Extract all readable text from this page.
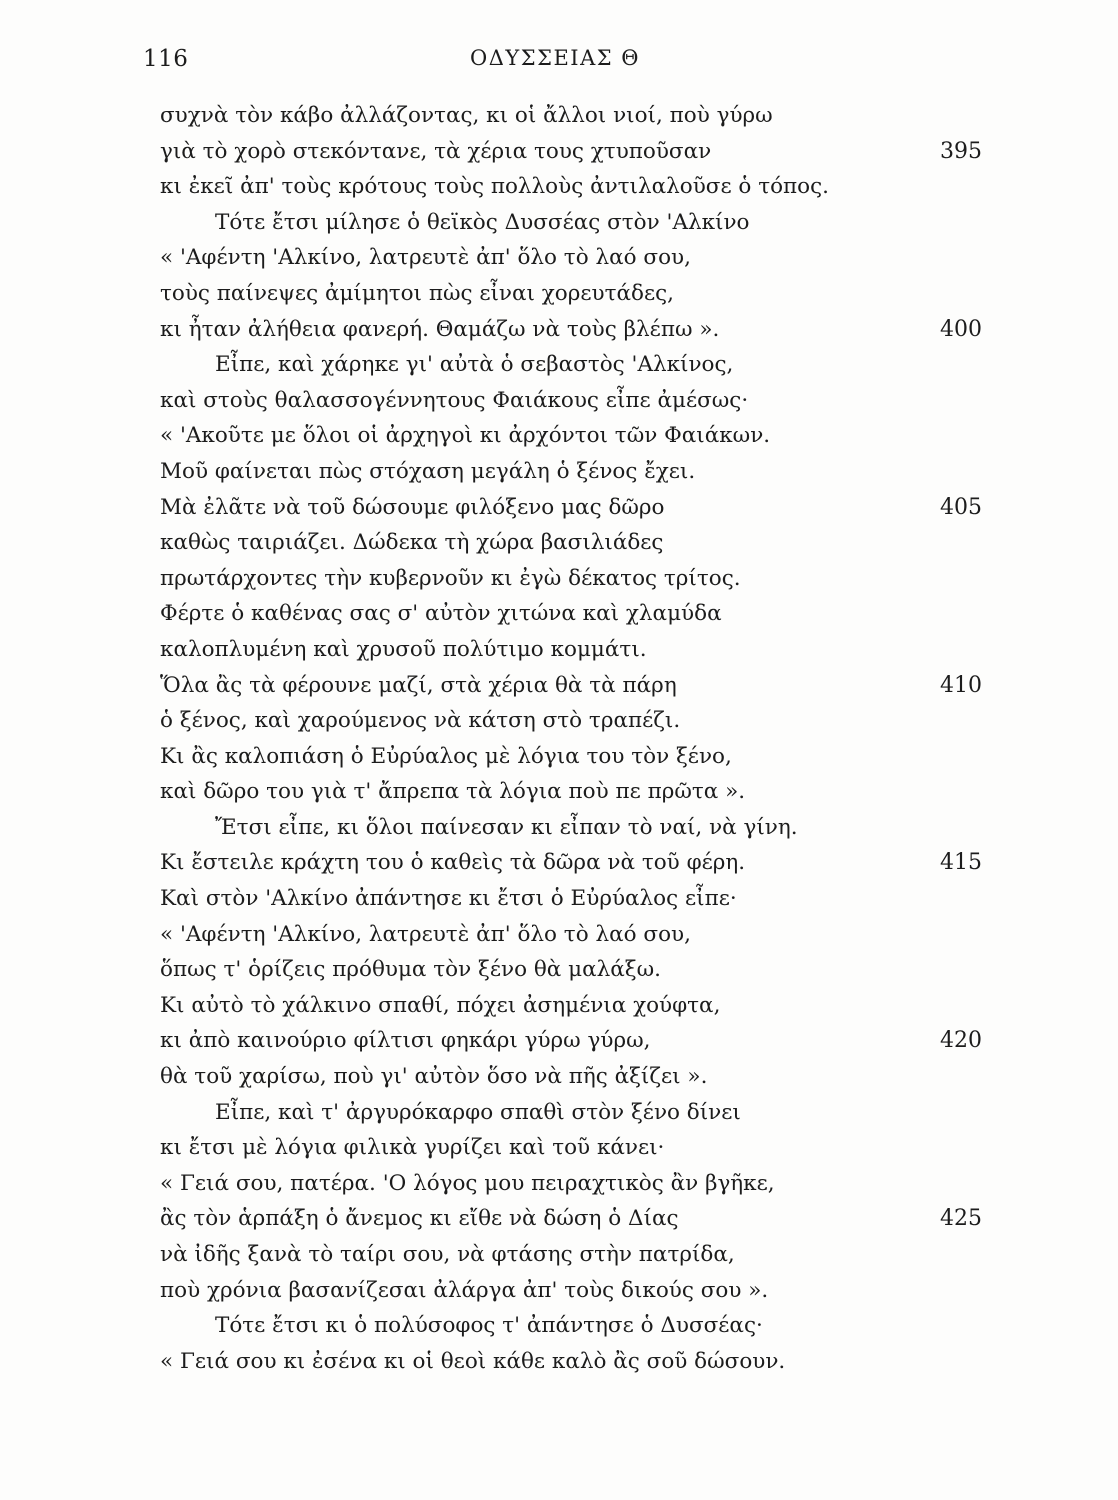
116	ΟΔΥΣΣΕΙΑΣ Θ
συχνὰ τὸν κάβο ἀλλάζοντας, κι οἱ ἄλλοι νιοί, ποὺ γύρω
γιὰ τὸ χορὸ στεκόντανε, τὰ χέρια τους χτυποῦσαν	395
κι ἐκεῖ ἀπ' τοὺς κρότους τοὺς πολλοὺς ἀντιλαλοῦσε ὁ τόπος.
Τότε ἔτσι μίλησε ὁ θεϊκὸς Δυσσέας στὸν 'Αλκίνο
« 'Αφέντη 'Αλκίνο, λατρευτὲ ἀπ' ὅλο τὸ λαό σου,
τοὺς παίνεψες ἀμίμητοι πὼς εἶναι χορευτάδες,
κι ἦταν ἀλήθεια φανερή. Θαμάζω νὰ τοὺς βλέπω ».	400
Εἶπε, καὶ χάρηκε γι' αὐτὰ ὁ σεβαστὸς 'Αλκίνος,
καὶ στοὺς θαλασσογέννητους Φαιάκους εἶπε ἀμέσως·
« 'Ακοῦτε με ὅλοι οἱ ἀρχηγοὶ κι ἀρχόντοι τῶν Φαιάκων.
Μοῦ φαίνεται πὼς στόχαση μεγάλη ὁ ξένος ἔχει.
Μὰ ἐλᾶτε νὰ τοῦ δώσουμε φιλόξενο μας δῶρο	405
καθὼς ταιριάζει. Δώδεκα τὴ χώρα βασιλιάδες
πρωτάρχοντες τὴν κυβερνοῦν κι ἐγὼ δέκατος τρίτος.
Φέρτε ὁ καθένας σας σ' αὐτὸν χιτώνα καὶ χλαμύδα
καλοπλυμένη καὶ χρυσοῦ πολύτιμο κομμάτι.
Ὅλα ἂς τὰ φέρουνε μαζί, στὰ χέρια θὰ τὰ πάρη	410
ὁ ξένος, καὶ χαρούμενος νὰ κάτση στὸ τραπέζι.
Κι ἂς καλοπιάση ὁ Εὐρύαλος μὲ λόγια του τὸν ξένο,
καὶ δῶρο του γιὰ τ' ἄπρεπα τὰ λόγια ποὺ πε πρῶτα ».
Ἔτσι εἶπε, κι ὅλοι παίνεσαν κι εἶπαν τὸ ναί, νὰ γίνη.
Κι ἔστειλε κράχτη του ὁ καθεὶς τὰ δῶρα νὰ τοῦ φέρη.	415
Καὶ στὸν 'Αλκίνο ἀπάντησε κι ἔτσι ὁ Εὐρύαλος εἶπε·
« 'Αφέντη 'Αλκίνο, λατρευτὲ ἀπ' ὅλο τὸ λαό σου,
ὅπως τ' ὁρίζεις πρόθυμα τὸν ξένο θὰ μαλάξω.
Κι αὐτὸ τὸ χάλκινο σπαθί, πόχει ἀσημένια χούφτα,
κι ἀπὸ καινούριο φίλτισι φηκάρι γύρω γύρω,	420
θὰ τοῦ χαρίσω, ποὺ γι' αὐτὸν ὅσο νὰ πῆς ἀξίζει ».
Εἶπε, καὶ τ' ἀργυρόκαρφο σπαθὶ στὸν ξένο δίνει
κι ἔτσι μὲ λόγια φιλικὰ γυρίζει καὶ τοῦ κάνει·
« Γειά σου, πατέρα. 'Ο λόγος μου πειραχτικὸς ἂν βγῆκε,
ἂς τὸν ἁρπάξη ὁ ἄνεμος κι εἴθε νὰ δώση ὁ Δίας	425
νὰ ἰδῆς ξανὰ τὸ ταίρι σου, νὰ φτάσης στὴν πατρίδα,
ποὺ χρόνια βασανίζεσαι ἀλάργα ἀπ' τοὺς δικούς σου ».
Τότε ἔτσι κι ὁ πολύσοφος τ' ἀπάντησε ὁ Δυσσέας·
« Γειά σου κι ἐσένα κι οἱ θεοὶ κάθε καλὸ ἂς σοῦ δώσουν.
